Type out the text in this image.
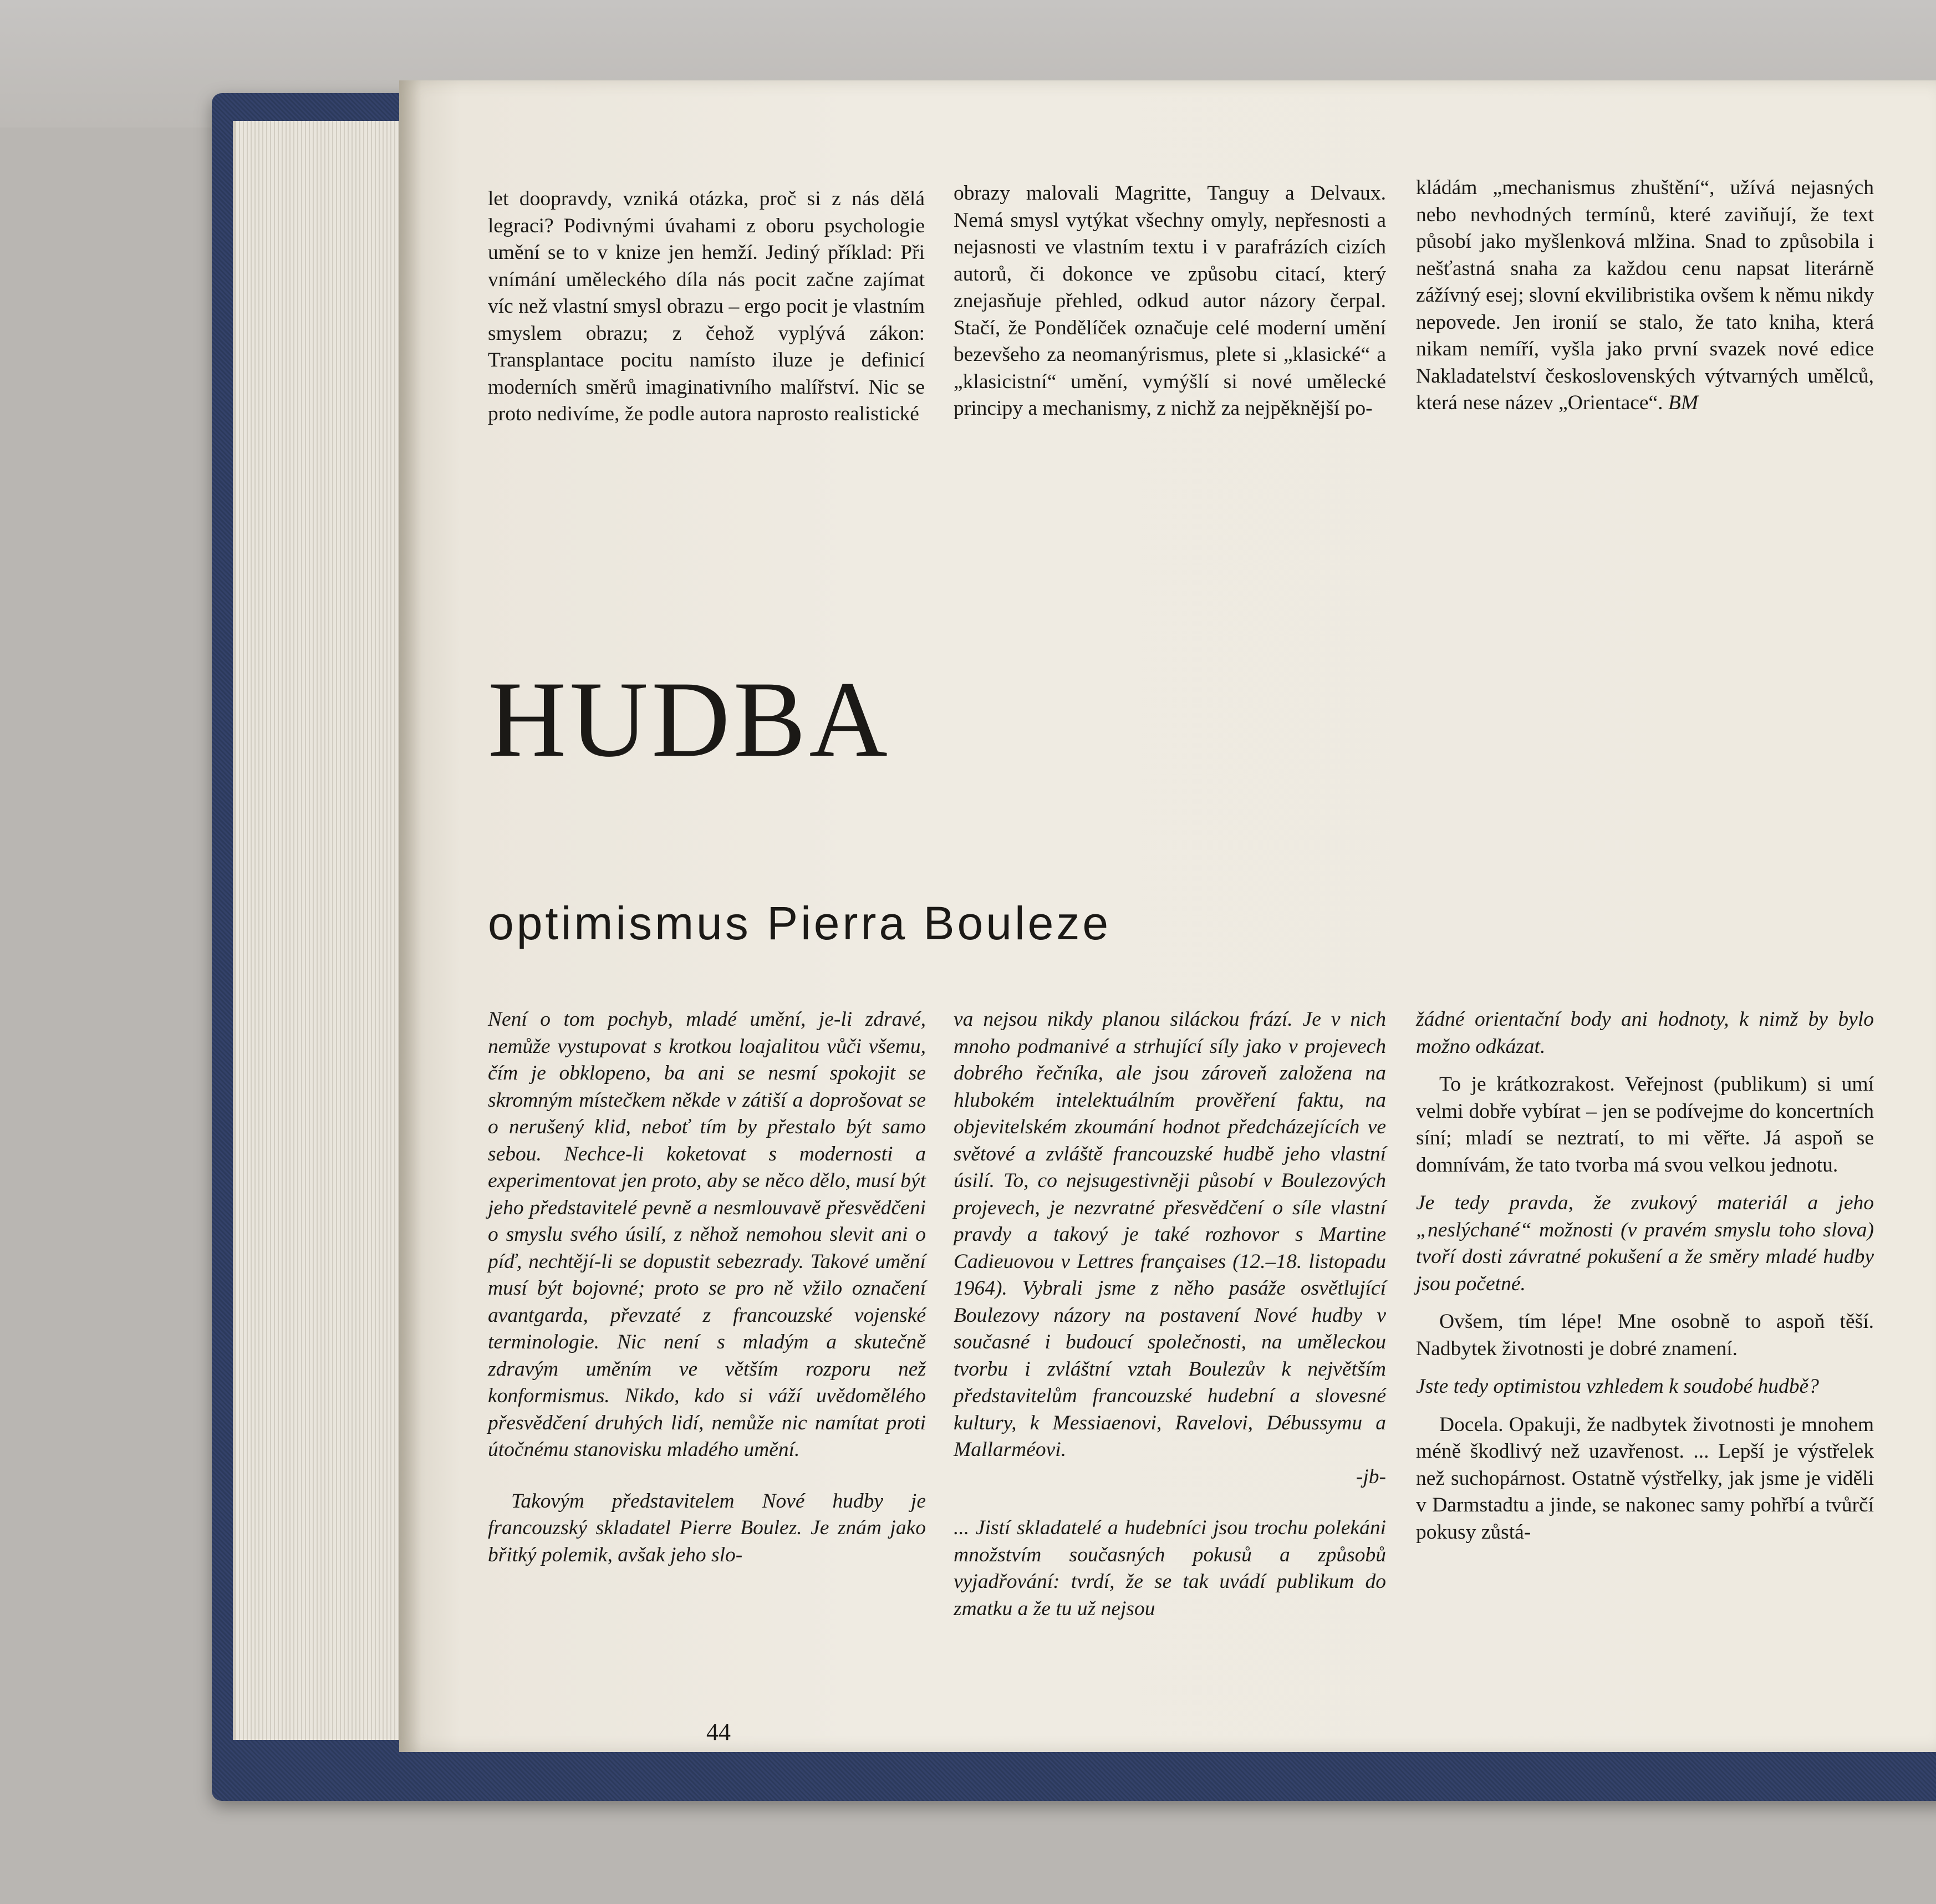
let doopravdy, vzniká otázka, proč si z nás dělá legraci? Podivnými úvahami z oboru psychologie umění se to v knize jen hemží. Jediný příklad: Při vnímání uměleckého díla nás pocit začne zajímat víc než vlastní smysl obrazu – ergo pocit je vlastním smyslem obrazu; z čehož vyplývá zákon: Transplantace pocitu namísto iluze je definicí moderních směrů imaginativního malířství. Nic se proto nedivíme, že podle autora naprosto realistické

obrazy malovali Magritte, Tanguy a Delvaux. Nemá smysl vytýkat všechny omyly, nepřesnosti a nejasnosti ve vlastním textu i v parafrázích cizích autorů, či dokonce ve způsobu citací, který znejasňuje přehled, odkud autor názory čerpal. Stačí, že Pondělíček označuje celé moderní umění bezevšeho za neomanýrismus, plete si „klasické“ a „klasicistní“ umění, vymýšlí si nové umělecké principy a mechanismy, z nichž za nejpěknější po-

kládám „mechanismus zhuštění“, užívá nejasných nebo nevhodných termínů, které zaviňují, že text působí jako myšlenková mlžina. Snad to způsobila i nešťastná snaha za každou cenu napsat literárně zážívný esej; slovní ekvilibristika ovšem k němu nikdy nepovede. Jen ironií se stalo, že tato kniha, která nikam nemíří, vyšla jako první svazek nové edice Nakladatelství československých výtvarných umělců, která nese název „Orientace“. BM

HUDBA
optimismus Pierra Bouleze

Není o tom pochyb, mladé umění, je-li zdravé, nemůže vystupovat s krotkou loajalitou vůči všemu, čím je obklopeno, ba ani se nesmí spokojit se skromným místečkem někde v zátiší a doprošovat se o nerušený klid, neboť tím by přestalo být samo sebou. Nechce-li koketovat s modernosti a experimentovat jen proto, aby se něco dělo, musí být jeho představitelé pevně a nesmlouvavě přesvědčeni o smyslu svého úsilí, z něhož nemohou slevit ani o píď, nechtějí-li se dopustit sebezrady. Takové umění musí být bojovné; proto se pro ně vžilo označení avantgarda, převzaté z francouzské vojenské terminologie. Nic není s mladým a skutečně zdravým uměním ve větším rozporu než konformismus. Nikdo, kdo si váží uvědomělého přesvědčení druhých lidí, nemůže nic namítat proti útočnému stanovisku mladého umění.

Takovým představitelem Nové hudby je francouzský skladatel Pierre Boulez. Je znám jako břitký polemik, avšak jeho slo-

va nejsou nikdy planou siláckou frází. Je v nich mnoho podmanivé a strhující síly jako v projevech dobrého řečníka, ale jsou zároveň založena na hlubokém intelektuálním prověření faktu, na objevitelském zkoumání hodnot předcházejících ve světové a zvláště francouzské hudbě jeho vlastní úsilí. To, co nejsugestivněji působí v Boulezových projevech, je nezvratné přesvědčení o síle vlastní pravdy a takový je také rozhovor s Martine Cadieuovou v Lettres françaises (12.–18. listopadu 1964). Vybrali jsme z něho pasáže osvětlující Boulezovy názory na postavení Nové hudby v současné i budoucí společnosti, na uměleckou tvorbu i zvláštní vztah Boulezův k největším představitelům francouzské hudební a slovesné kultury, k Messiaenovi, Ravelovi, Débussymu a Mallarméovi.

-jb-

... Jistí skladatelé a hudebníci jsou trochu polekáni množstvím současných pokusů a způsobů vyjadřování: tvrdí, že se tak uvádí publikum do zmatku a že tu už nejsou

žádné orientační body ani hodnoty, k nimž by bylo možno odkázat.

To je krátkozrakost. Veřejnost (publikum) si umí velmi dobře vybírat – jen se podívejme do koncertních síní; mladí se neztratí, to mi věřte. Já aspoň se domnívám, že tato tvorba má svou velkou jednotu.

Je tedy pravda, že zvukový materiál a jeho „neslýchané“ možnosti (v pravém smyslu toho slova) tvoří dosti závratné pokušení a že směry mladé hudby jsou početné.

Ovšem, tím lépe! Mne osobně to aspoň těší. Nadbytek životnosti je dobré znamení.

Jste tedy optimistou vzhledem k soudobé hudbě?

Docela. Opakuji, že nadbytek životnosti je mnohem méně škodlivý než uzavřenost. ... Lepší je výstřelek než suchopárnost. Ostatně výstřelky, jak jsme je viděli v Darmstadtu a jinde, se nakonec samy pohřbí a tvůrčí pokusy zůstá-

44
